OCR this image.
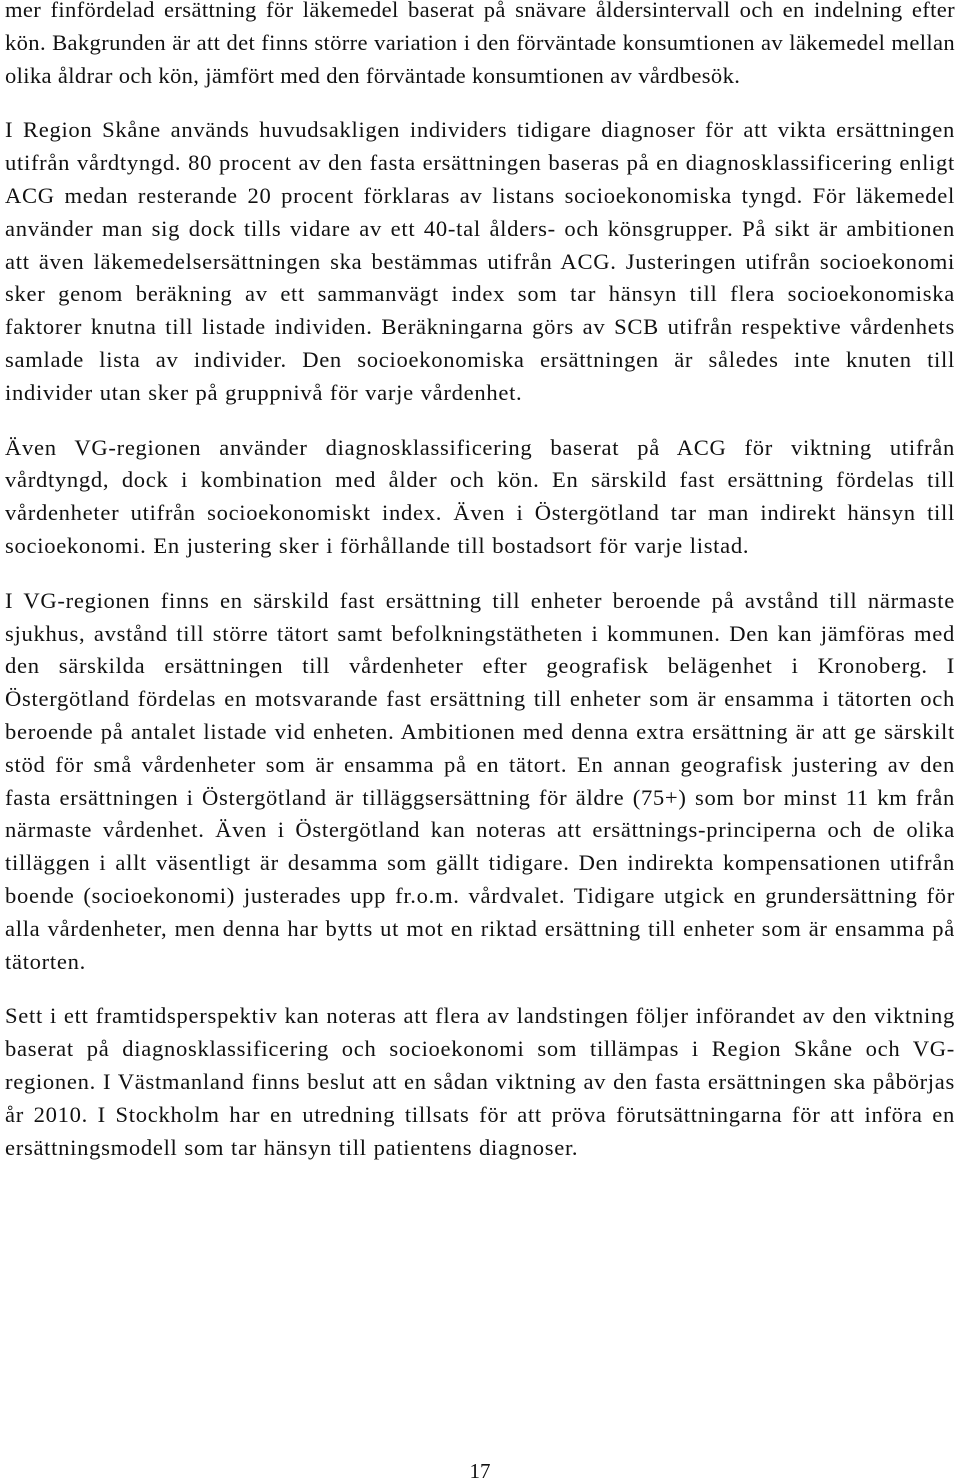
mer finfördelad ersättning för läkemedel baserat på snävare åldersintervall och en indelning efter kön. Bakgrunden är att det finns större variation i den förväntade konsumtionen av läkemedel mellan olika åldrar och kön, jämfört med den förväntade konsumtionen av vårdbesök.

I Region Skåne används huvudsakligen individers tidigare diagnoser för att vikta ersättningen utifrån vårdtyngd. 80 procent av den fasta ersättningen baseras på en diagnosklassificering enligt ACG medan resterande 20 procent förklaras av listans socioekonomiska tyngd. För läkemedel använder man sig dock tills vidare av ett 40-tal ålders- och könsgrupper. På sikt är ambitionen att även läkemedelsersättningen ska bestämmas utifrån ACG. Justeringen utifrån socioekonomi sker genom beräkning av ett sammanvägt index som tar hänsyn till flera socioekonomiska faktorer knutna till listade individen. Beräkningarna görs av SCB utifrån respektive vårdenhets samlade lista av individer. Den socioekonomiska ersättningen är således inte knuten till individer utan sker på gruppnivå för varje vårdenhet.

Även VG-regionen använder diagnosklassificering baserat på ACG för viktning utifrån vårdtyngd, dock i kombination med ålder och kön. En särskild fast ersättning fördelas till vårdenheter utifrån socioekonomiskt index. Även i Östergötland tar man indirekt hänsyn till socioekonomi. En justering sker i förhållande till bostadsort för varje listad.

I VG-regionen finns en särskild fast ersättning till enheter beroende på avstånd till närmaste sjukhus, avstånd till större tätort samt befolkningstätheten i kommunen. Den kan jämföras med den särskilda ersättningen till vårdenheter efter geografisk belägenhet i Kronoberg. I Östergötland fördelas en motsvarande fast ersättning till enheter som är ensamma i tätorten och beroende på antalet listade vid enheten. Ambitionen med denna extra ersättning är att ge särskilt stöd för små vårdenheter som är ensamma på en tätort. En annan geografisk justering av den fasta ersättningen i Östergötland är tilläggsersättning för äldre (75+) som bor minst 11 km från närmaste vårdenhet. Även i Östergötland kan noteras att ersättnings-principerna och de olika tilläggen i allt väsentligt är desamma som gällt tidigare. Den indirekta kompensationen utifrån boende (socioekonomi) justerades upp fr.o.m. vårdvalet. Tidigare utgick en grundersättning för alla vårdenheter, men denna har bytts ut mot en riktad ersättning till enheter som är ensamma på tätorten.

Sett i ett framtidsperspektiv kan noteras att flera av landstingen följer införandet av den viktning baserat på diagnosklassificering och socioekonomi som tillämpas i Region Skåne och VG-regionen. I Västmanland finns beslut att en sådan viktning av den fasta ersättningen ska påbörjas år 2010. I Stockholm har en utredning tillsats för att pröva förutsättningarna för att införa en ersättningsmodell som tar hänsyn till patientens diagnoser.

17
